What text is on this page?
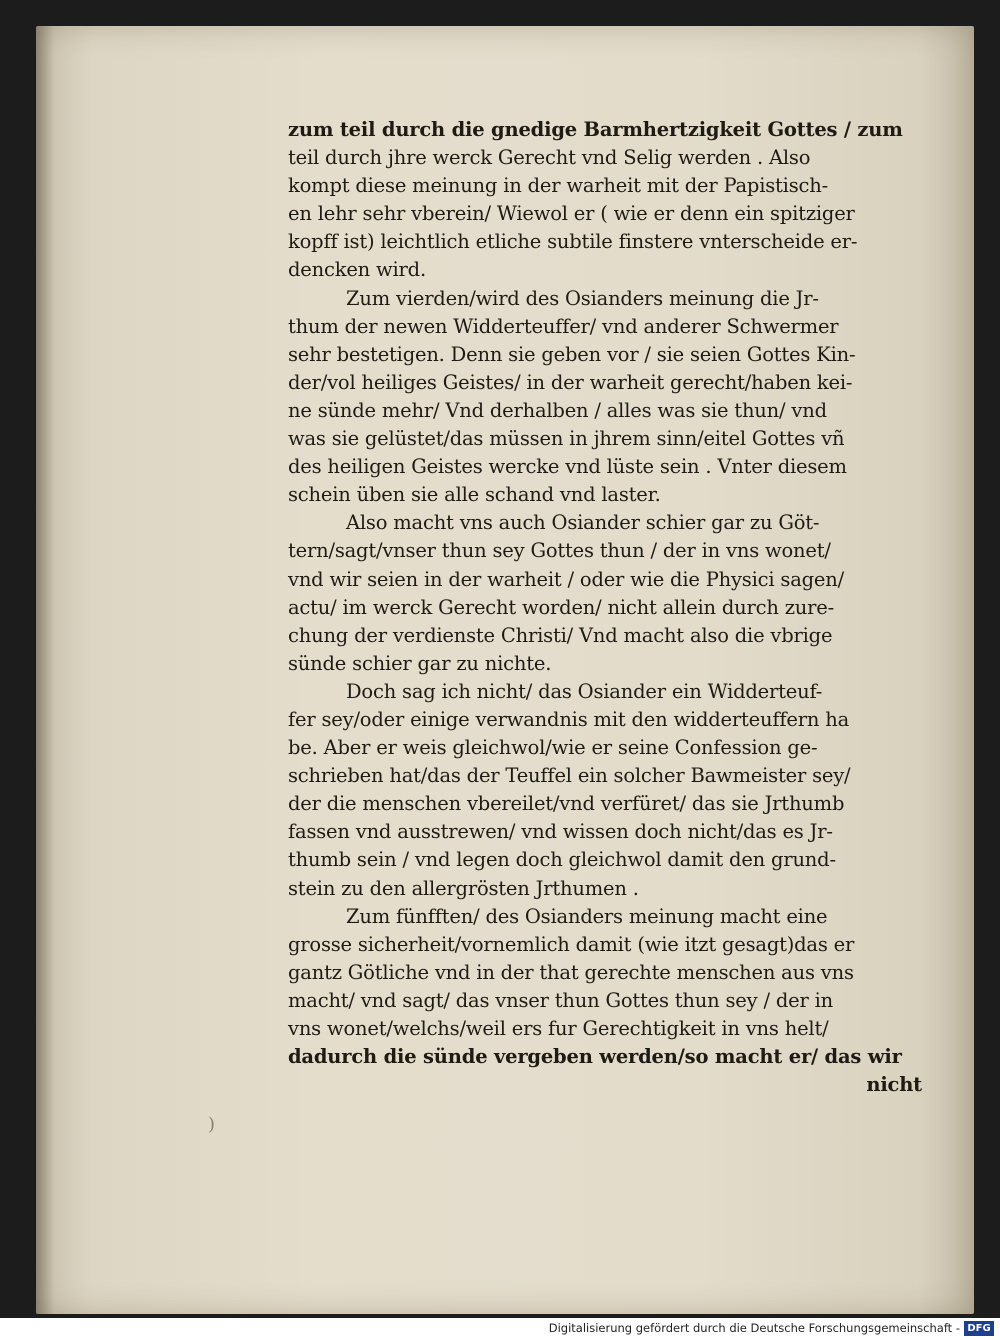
zum teil durch die gnedige Barmhertzigkeit Gottes / zum
teil durch jhre werck Gerecht vnd Selig werden . Also
kompt diese meinung in der warheit mit der Papistisch-
en lehr sehr vberein/ Wiewol er ( wie er denn ein spitziger
kopff ist) leichtlich etliche subtile finstere vnterscheide er-
dencken wird.
Zum vierden/wird des Osianders meinung die Jr-
thum der newen Widderteuffer/ vnd anderer Schwermer
sehr bestetigen. Denn sie geben vor / sie seien Gottes Kin-
der/vol heiliges Geistes/ in der warheit gerecht/haben kei-
ne sünde mehr/ Vnd derhalben / alles was sie thun/ vnd
was sie gelüstet/das müssen in jhrem sinn/eitel Gottes vñ
des heiligen Geistes wercke vnd lüste sein . Vnter diesem
schein üben sie alle schand vnd laster.
Also macht vns auch Osiander schier gar zu Göt-
tern/sagt/vnser thun sey Gottes thun / der in vns wonet/
vnd wir seien in der warheit / oder wie die Physici sagen/
actu/ im werck Gerecht worden/ nicht allein durch zure-
chung der verdienste Christi/ Vnd macht also die vbrige
sünde schier gar zu nichte.
Doch sag ich nicht/ das Osiander ein Widderteuf-
fer sey/oder einige verwandnis mit den widderteuffern ha
be. Aber er weis gleichwol/wie er seine Confession ge-
schrieben hat/das der Teuffel ein solcher Bawmeister sey/
der die menschen vbereilet/vnd verfüret/ das sie Jrthumb
fassen vnd ausstrewen/ vnd wissen doch nicht/das es Jr-
thumb sein / vnd legen doch gleichwol damit den grund-
stein zu den allergrösten Jrthumen .
Zum fünfften/ des Osianders meinung macht eine
grosse sicherheit/vornemlich damit (wie itzt gesagt)das er
gantz Götliche vnd in der that gerechte menschen aus vns
macht/ vnd sagt/ das vnser thun Gottes thun sey / der in
vns wonet/welchs/weil ers fur Gerechtigkeit in vns helt/
dadurch die sünde vergeben werden/so macht er/ das wir
nicht
)
Digitalisierung gefördert durch die Deutsche Forschungsgemeinschaft - DFG
